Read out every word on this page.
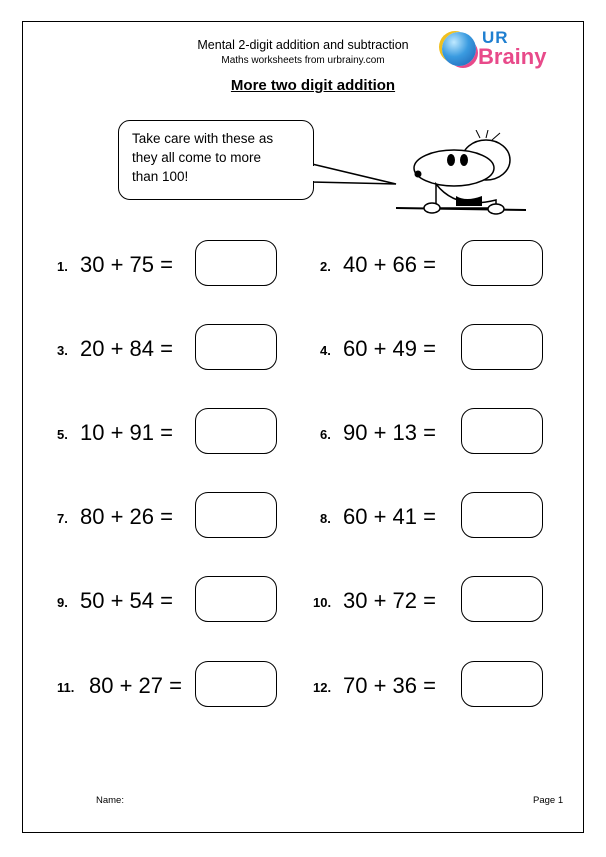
Mental 2-digit addition and subtraction
Maths worksheets from urbrainy.com
UR
Brainy
More two digit addition
Take care with these as
they all come to more
than 100!
1. 30 + 75 =
3. 20 + 84 =
5. 10 + 91 =
7. 80 + 26 =
9. 50 + 54 =
11. 80 + 27 =
2. 40 + 66 =
4. 60 + 49 =
6. 90 + 13 =
8. 60 + 41 =
10. 30 + 72 =
12. 70 + 36 =
Name:	Page 1
